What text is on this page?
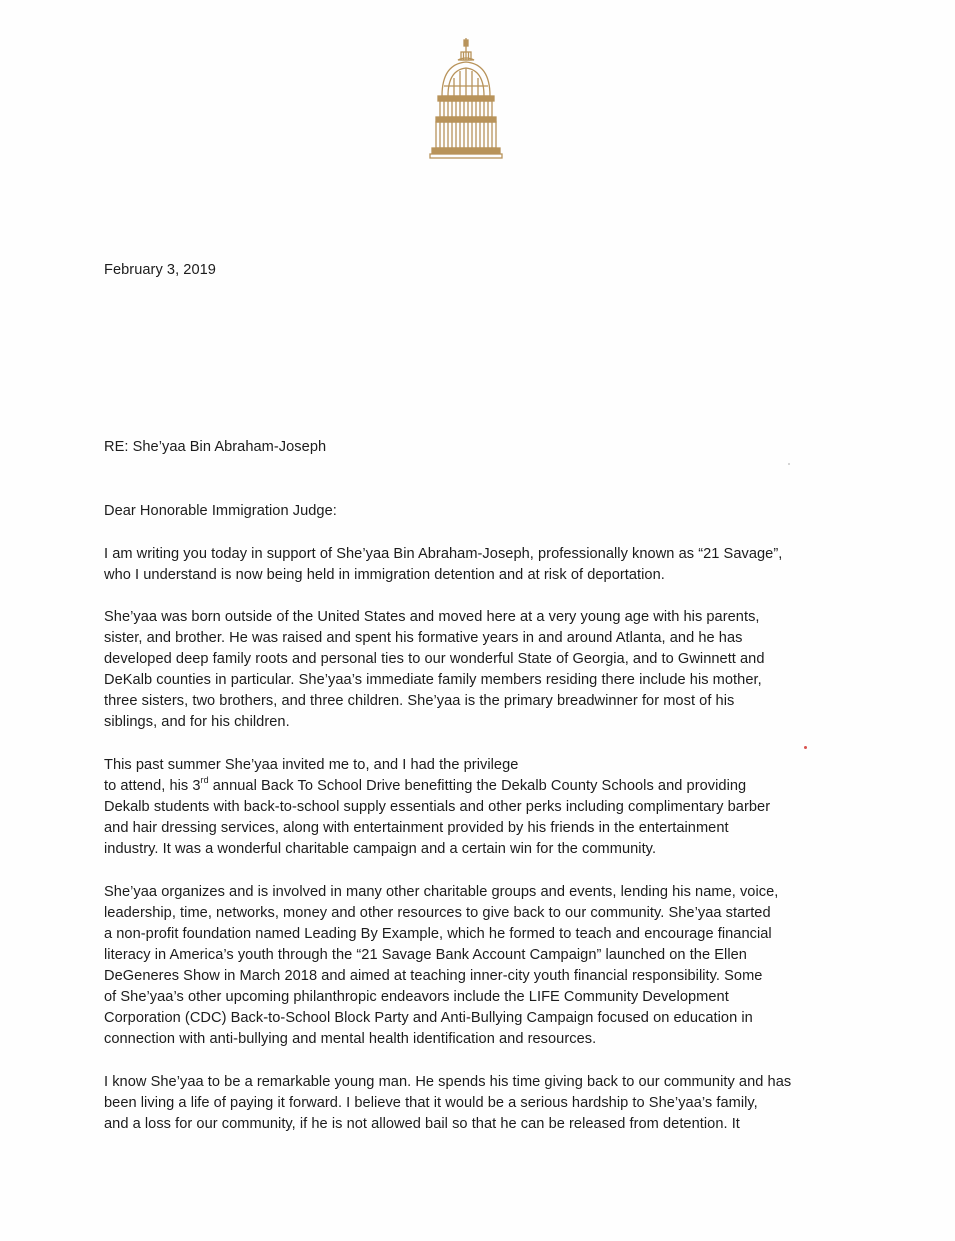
February 3, 2019
RE: She’yaa Bin Abraham-Joseph
Dear Honorable Immigration Judge:
I am writing you today in support of She’yaa Bin Abraham-Joseph, professionally known as “21 Savage”,
who I understand is now being held in immigration detention and at risk of deportation.
She’yaa was born outside of the United States and moved here at a very young age with his parents,
sister, and brother. He was raised and spent his formative years in and around Atlanta, and he has
developed deep family roots and personal ties to our wonderful State of Georgia, and to Gwinnett and
DeKalb counties in particular. She’yaa’s immediate family members residing there include his mother,
three sisters, two brothers, and three children. She’yaa is the primary breadwinner for most of his
siblings, and for his children.
This past summer She’yaa invited me to, and I had the privilege
to attend, his 3rd annual Back To School Drive benefitting the Dekalb County Schools and providing
Dekalb students with back-to-school supply essentials and other perks including complimentary barber
and hair dressing services, along with entertainment provided by his friends in the entertainment
industry. It was a wonderful charitable campaign and a certain win for the community.
She’yaa organizes and is involved in many other charitable groups and events, lending his name, voice,
leadership, time, networks, money and other resources to give back to our community. She’yaa started
a non-profit foundation named Leading By Example, which he formed to teach and encourage financial
literacy in America’s youth through the “21 Savage Bank Account Campaign” launched on the Ellen
DeGeneres Show in March 2018 and aimed at teaching inner-city youth financial responsibility. Some
of She’yaa’s other upcoming philanthropic endeavors include the LIFE Community Development
Corporation (CDC) Back-to-School Block Party and Anti-Bullying Campaign focused on education in
connection with anti-bullying and mental health identification and resources.
I know She’yaa to be a remarkable young man. He spends his time giving back to our community and has
been living a life of paying it forward. I believe that it would be a serious hardship to She’yaa’s family,
and a loss for our community, if he is not allowed bail so that he can be released from detention. It
